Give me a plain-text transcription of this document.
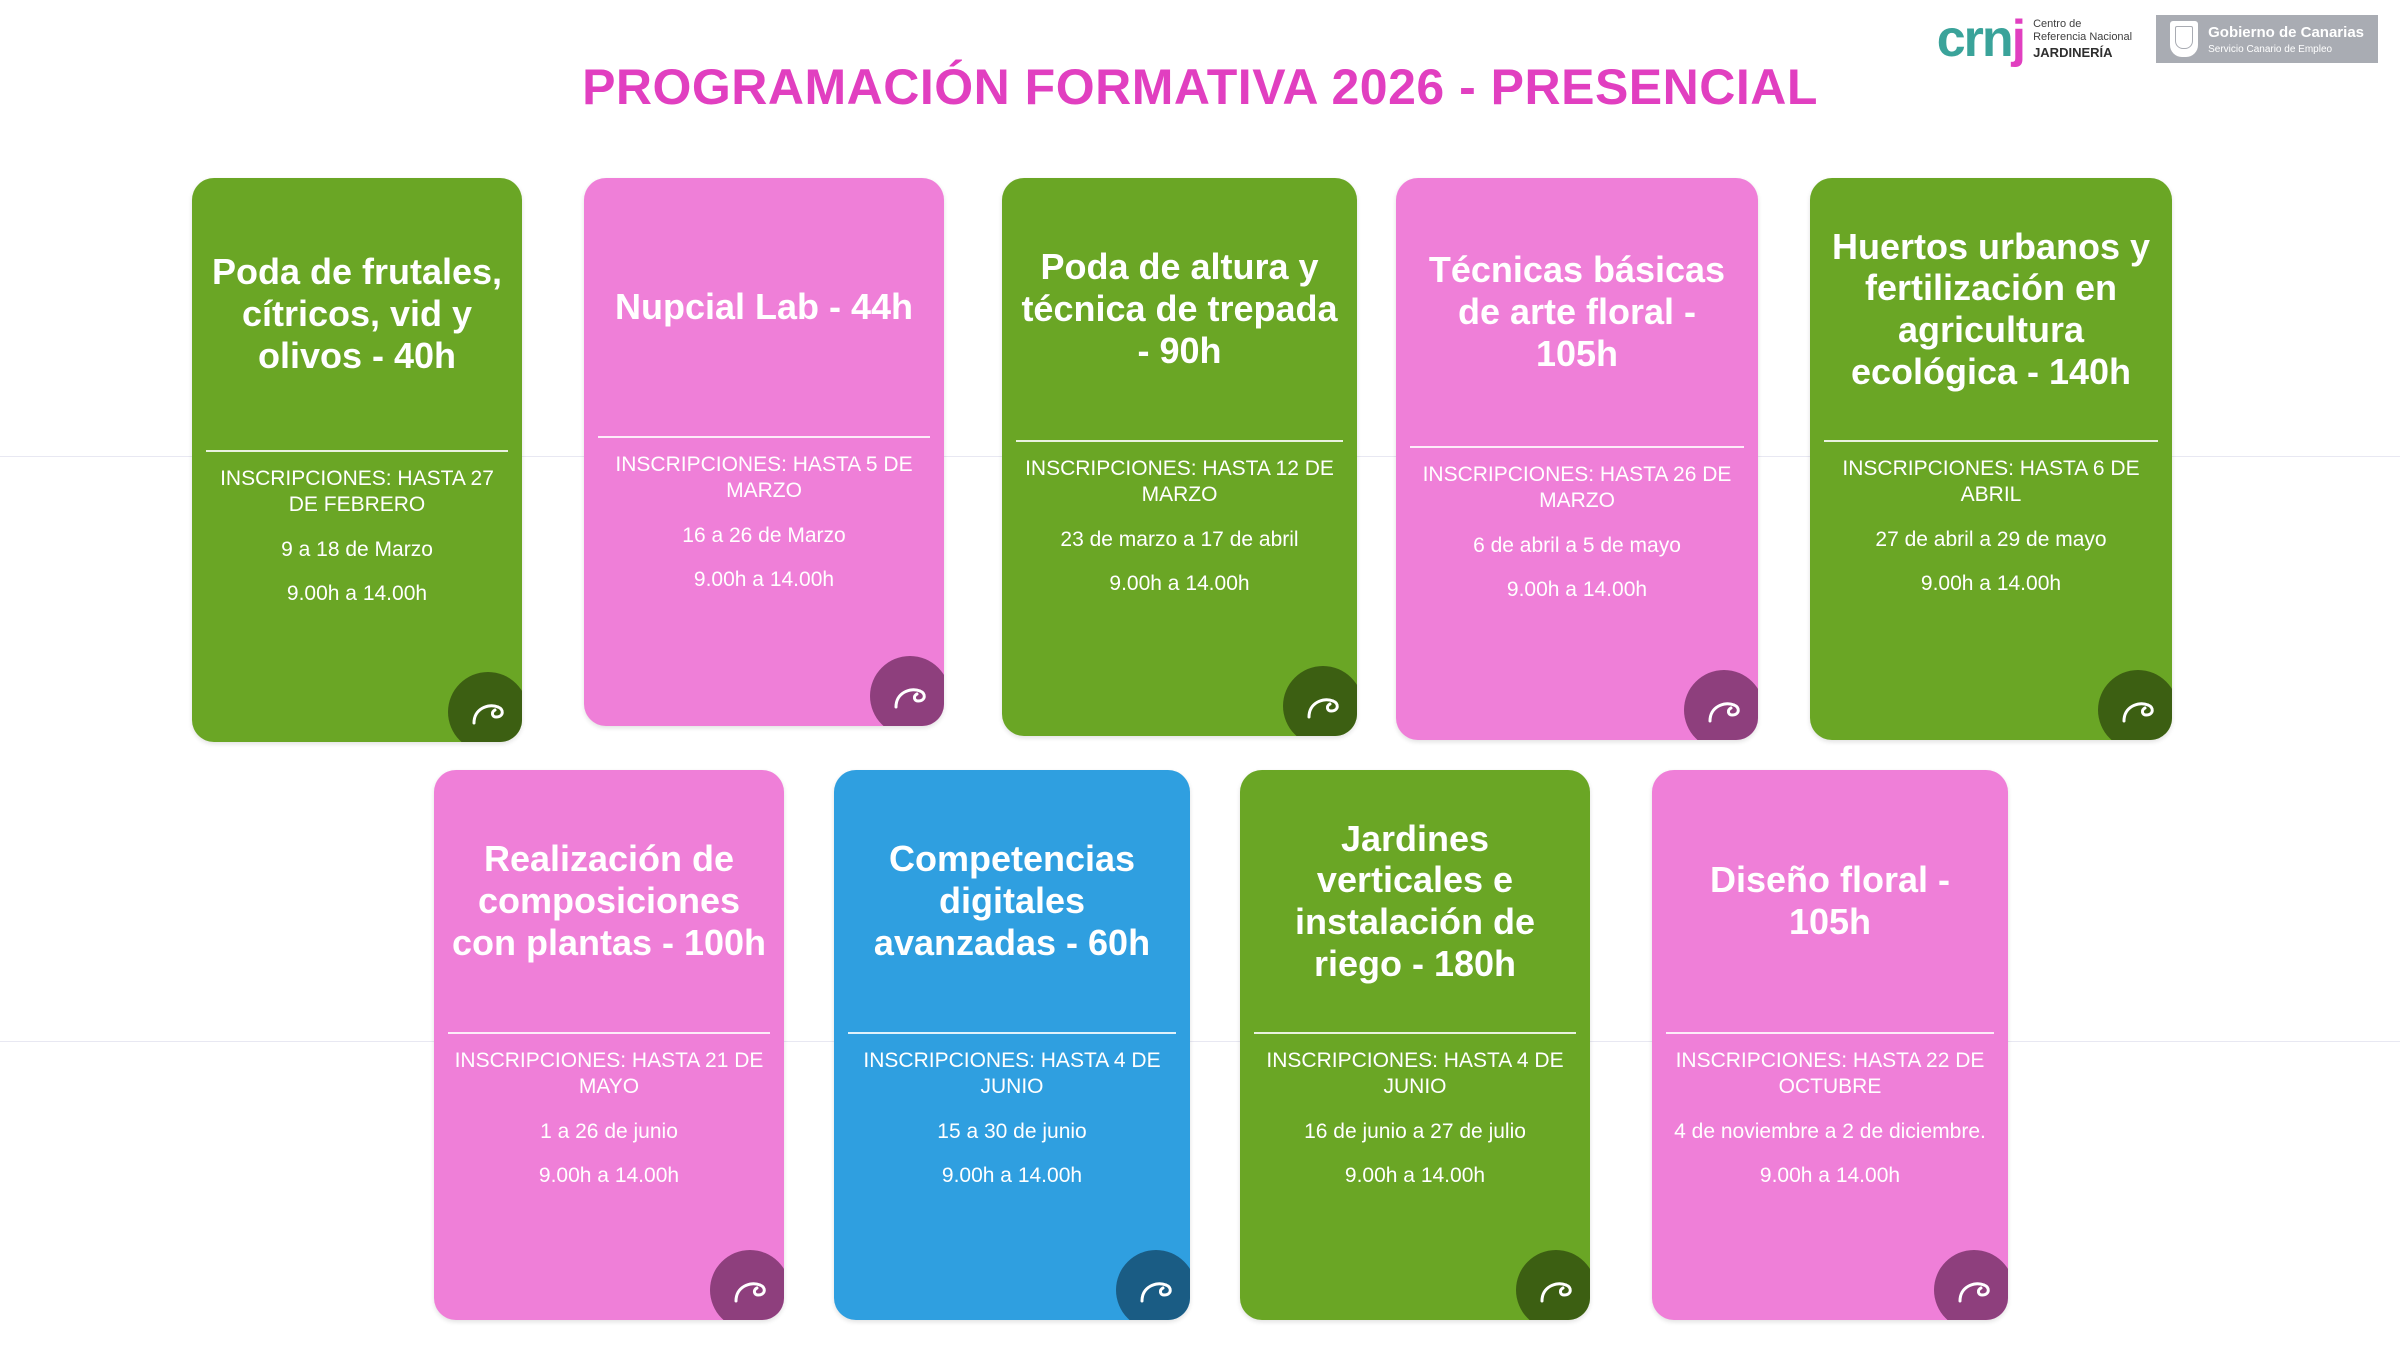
PROGRAMACIÓN FORMATIVA 2026 - PRESENCIAL
crnj Centro de
Referencia Nacional
JARDINERÍA
Gobierno de Canarias
Servicio Canario de Empleo
Poda de frutales, cítricos, vid y olivos - 40h
INSCRIPCIONES: HASTA 27 DE FEBRERO
9 a 18 de Marzo
9.00h a 14.00h
Nupcial Lab - 44h
INSCRIPCIONES: HASTA 5 DE MARZO
16 a 26 de Marzo
9.00h a 14.00h
Poda de altura y técnica de trepada - 90h
INSCRIPCIONES: HASTA 12 DE MARZO
23 de marzo a 17 de abril
9.00h a 14.00h
Técnicas básicas de arte floral - 105h
INSCRIPCIONES: HASTA 26 DE MARZO
6 de abril a 5 de mayo
9.00h a 14.00h
Huertos urbanos y fertilización en agricultura ecológica - 140h
INSCRIPCIONES: HASTA 6 DE ABRIL
27 de abril a 29 de mayo
9.00h a 14.00h
Realización de composiciones con plantas - 100h
INSCRIPCIONES: HASTA 21 DE MAYO
1 a 26 de junio
9.00h a 14.00h
Competencias digitales avanzadas - 60h
INSCRIPCIONES: HASTA 4 DE JUNIO
15 a 30 de junio
9.00h a 14.00h
Jardines verticales e instalación de riego - 180h
INSCRIPCIONES: HASTA 4 DE JUNIO
16 de junio a 27 de julio
9.00h a 14.00h
Diseño floral - 105h
INSCRIPCIONES: HASTA 22 DE OCTUBRE
4 de noviembre a 2 de diciembre.
9.00h a 14.00h
